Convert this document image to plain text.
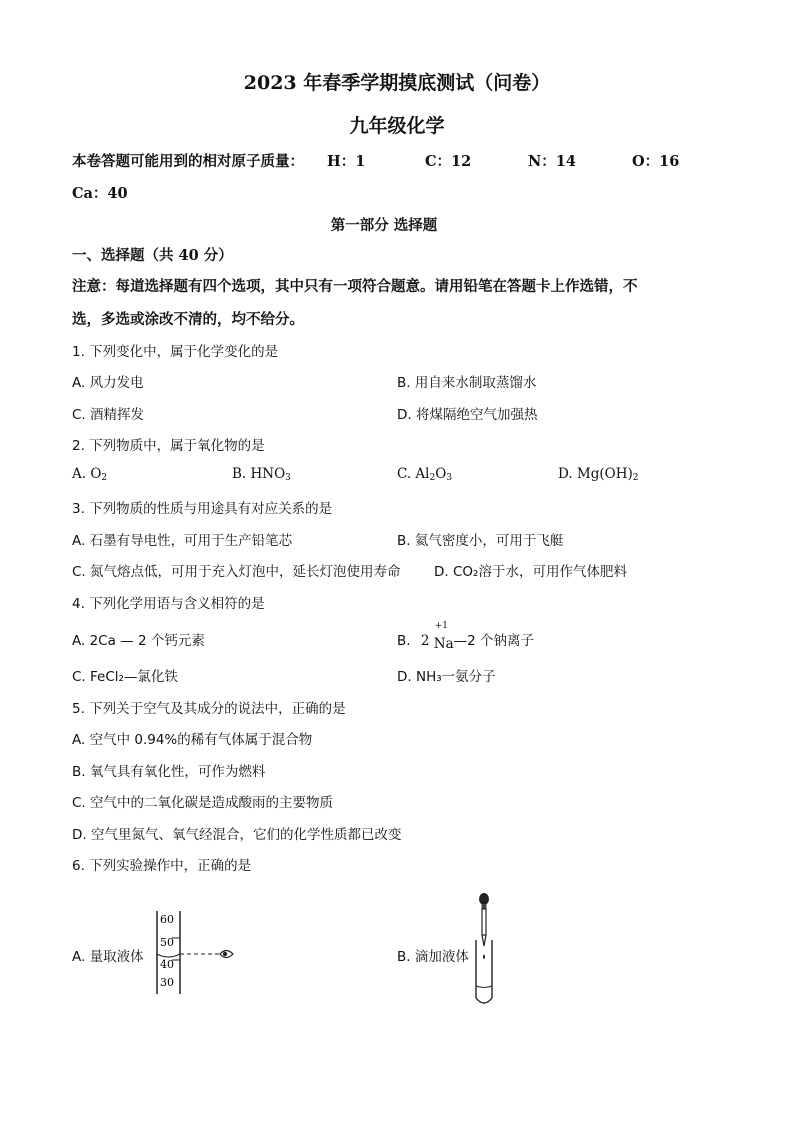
2023 年春季学期摸底测试（问卷）
九年级化学
本卷答题可能用到的相对原子质量： H：1	C：12	N：14	O：16
Ca：40
第一部分 选择题
一、选择题（共 40 分）
注意：每道选择题有四个选项，其中只有一项符合题意。请用铅笔在答题卡上作选错，不
选，多选或涂改不清的，均不给分。
1. 下列变化中，属于化学变化的是
A. 风力发电	B. 用自来水制取蒸馏水
C. 酒精挥发	D. 将煤隔绝空气加强热
2. 下列物质中，属于氧化物的是
A. $O_2$	B. $HNO_3$	C. $Al_2O_3$	D. $Mg(OH)_2$
3. 下列物质的性质与用途具有对应关系的是
A. 石墨有导电性，可用于生产铅笔芯	B. 氦气密度小，可用于飞艇
C. 氮气熔点低，可用于充入灯泡中，延长灯泡使用寿命 D. CO₂溶于水，可用作气体肥料
4. 下列化学用语与含义相符的是
A. 2Ca — 2 个钙元素	B. 2
+1
Na—2 个钠离子
C. FeCl₂—氯化铁	D. NH₃一氨分子
5. 下列关于空气及其成分的说法中，正确的是
A. 空气中 0.94%的稀有气体属于混合物
B. 氧气具有氧化性，可作为燃料
C. 空气中的二氧化碳是造成酸雨的主要物质
D. 空气里氮气、氧气经混合，它们的化学性质都已改变
6. 下列实验操作中，正确的是
A. 量取液体	B. 滴加液体
60
50
40
30
